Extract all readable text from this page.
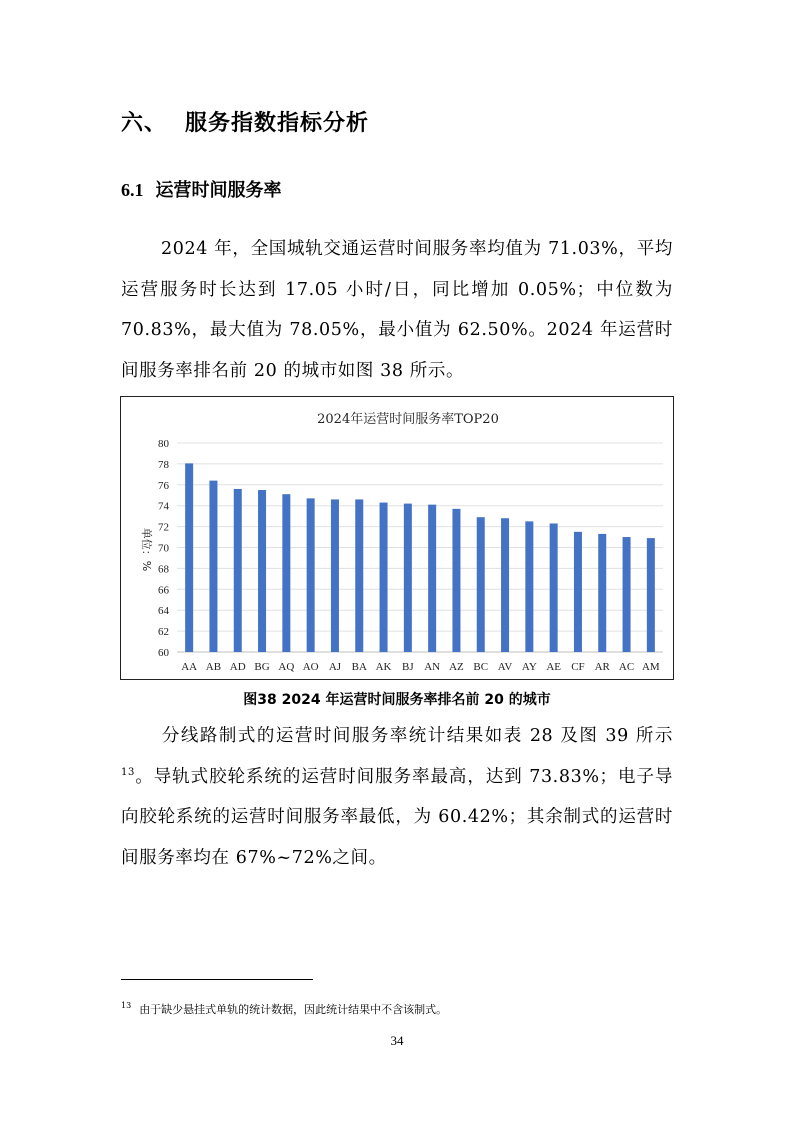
六、 服务指数指标分析
6.1 运营时间服务率

2024 年，全国城轨交通运营时间服务率均值为 71.03%，平均运营服务时长达到 17.05 小时/日，同比增加 0.05%；中位数为 70.83%，最大值为 78.05%，最小值为 62.50%。2024 年运营时间服务率排名前 20 的城市如图 38 所示。

2024年运营时间服务率TOP20
60
62
64
66
68
70
72
74
76
78
80
单位：%
AA AB AD BG AQ AO AJ BA AK BJ AN AZ BC AV AY AE CF AR AC AM
图38 2024 年运营时间服务率排名前 20 的城市

分线路制式的运营时间服务率统计结果如表 28 及图 39 所示$^{13}$。导轨式胶轮系统的运营时间服务率最高，达到 73.83%；电子导向胶轮系统的运营时间服务率最低，为 60.42%；其余制式的运营时间服务率均在 67%~72%之间。

$^{13}$ 由于缺少悬挂式单轨的统计数据，因此统计结果中不含该制式。
34
